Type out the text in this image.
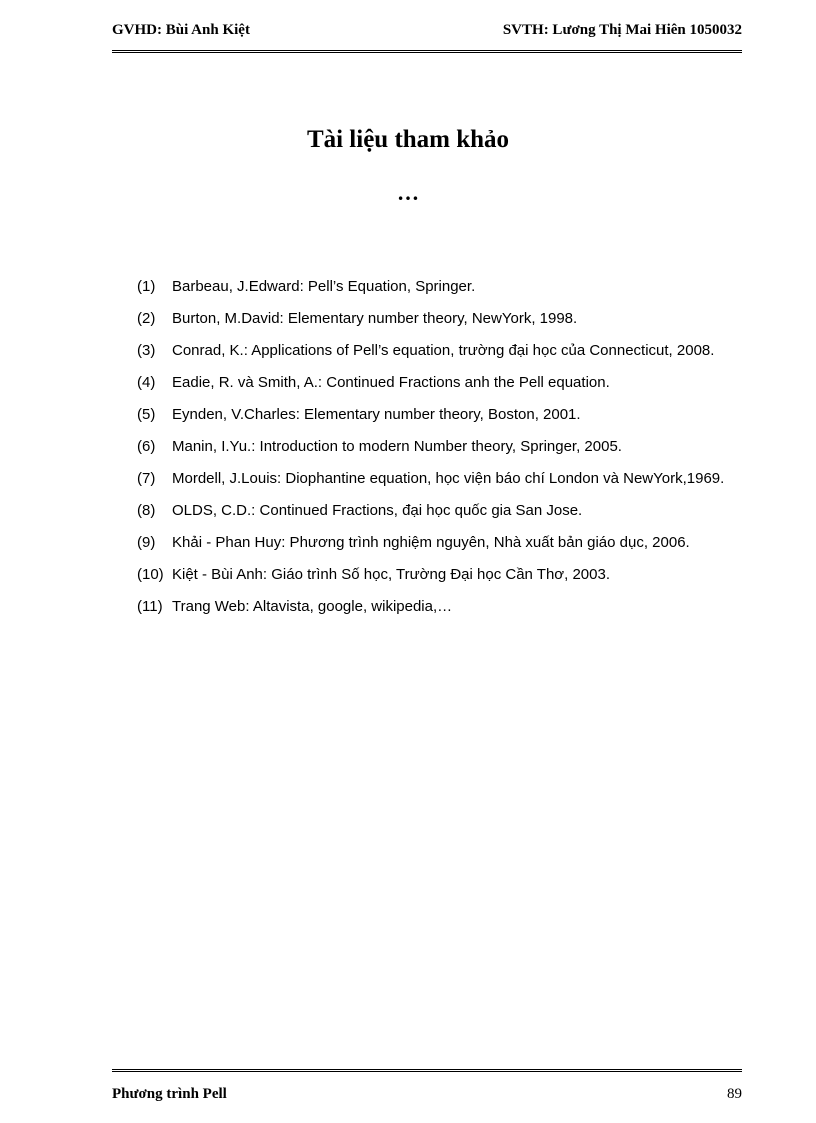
GVHD: Bùi Anh Kiệt	SVTH: Lương Thị Mai Hiên 1050032
Tài liệu tham khảo
…
(1) Barbeau, J.Edward: Pell’s Equation, Springer.
(2) Burton, M.David: Elementary number theory, NewYork, 1998.
(3) Conrad, K.: Applications of Pell’s equation, trường đại học của Connecticut, 2008.
(4) Eadie, R. và Smith, A.: Continued Fractions anh the Pell equation.
(5) Eynden, V.Charles: Elementary number theory, Boston, 2001.
(6) Manin, I.Yu.: Introduction to modern Number theory, Springer, 2005.
(7) Mordell, J.Louis: Diophantine equation, học viện báo chí London và NewYork,1969.
(8) OLDS, C.D.: Continued Fractions, đại học quốc gia San Jose.
(9) Khải - Phan Huy: Phương trình nghiệm nguyên, Nhà xuất bản giáo dục, 2006.
(10) Kiệt - Bùi Anh: Giáo trình Số học, Trường Đại học Cần Thơ, 2003.
(11) Trang Web: Altavista, google, wikipedia,…
Phương trình Pell	89
